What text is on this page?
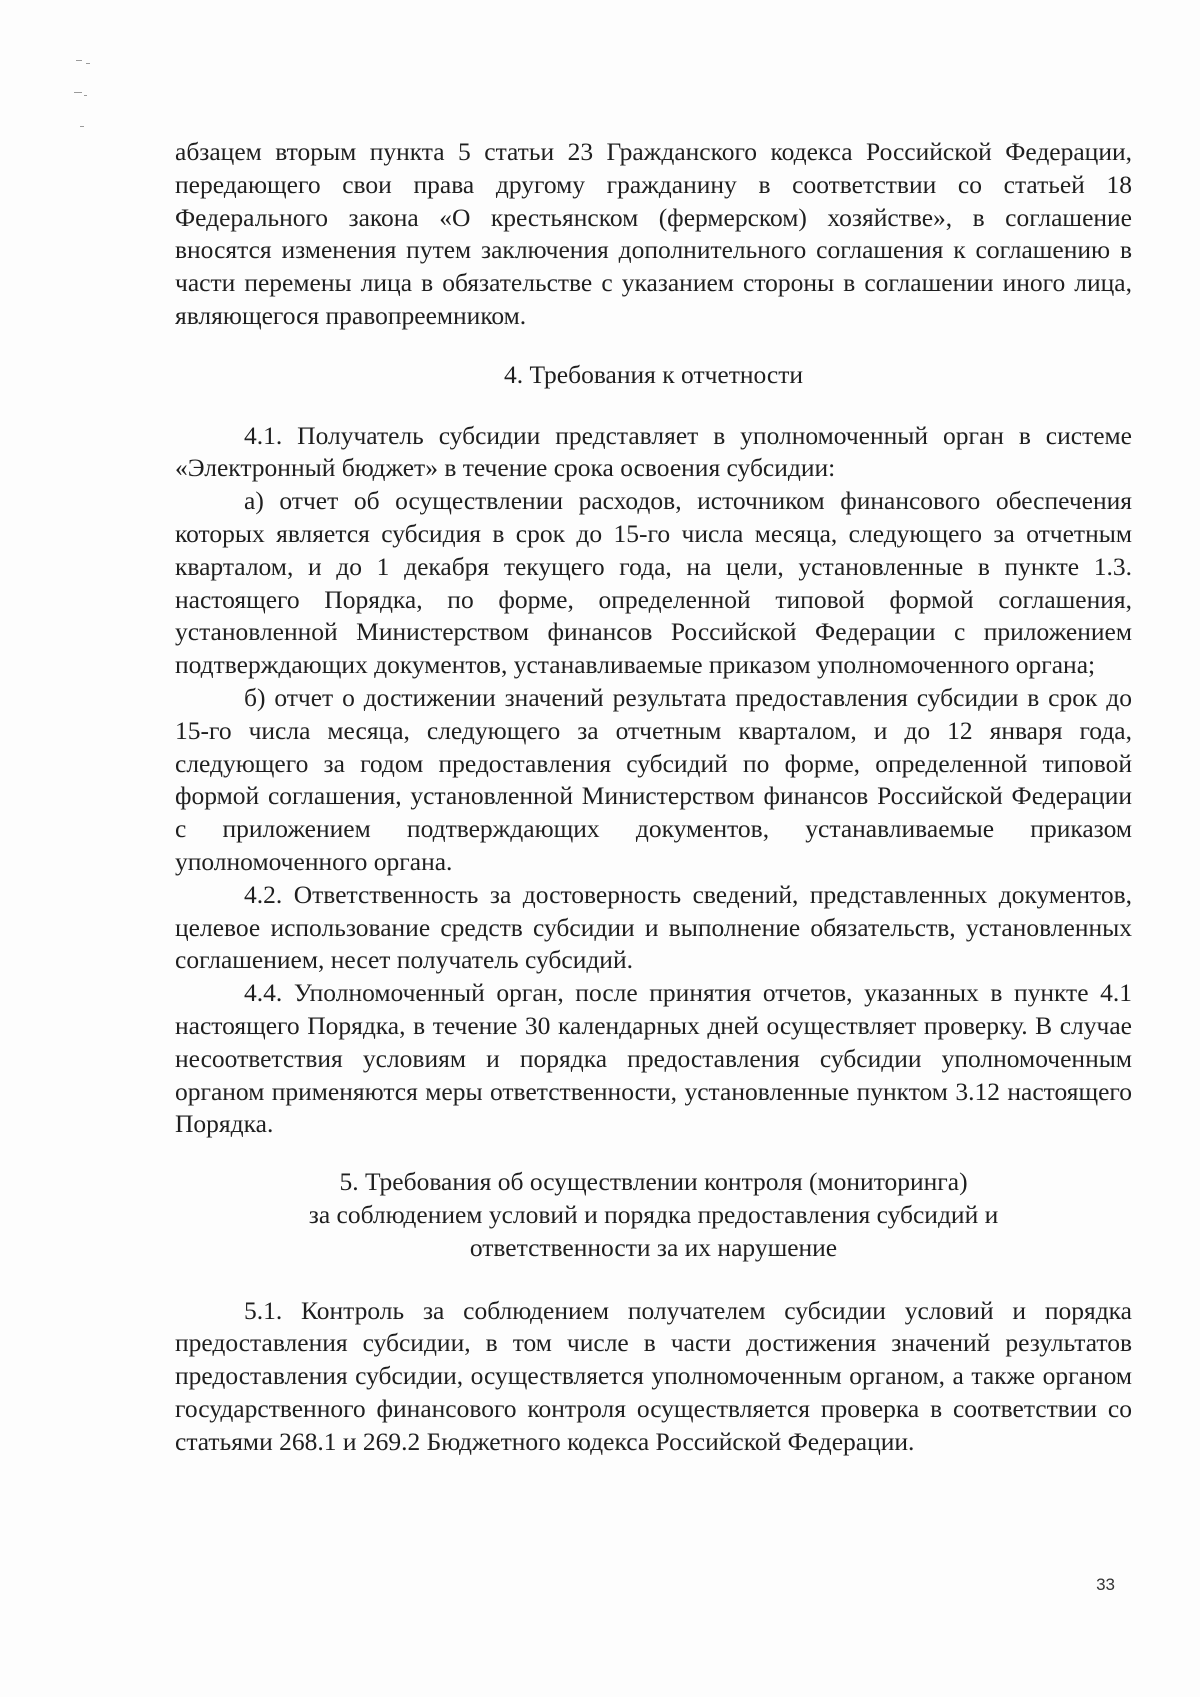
абзацем вторым пункта 5 статьи 23 Гражданского кодекса Российской Федерации, передающего свои права другому гражданину в соответствии со статьей 18 Федерального закона «О крестьянском (фермерском) хозяйстве», в соглашение вносятся изменения путем заключения дополнительного соглашения к соглашению в части перемены лица в обязательстве с указанием стороны в соглашении иного лица, являющегося правопреемником.

4. Требования к отчетности

4.1. Получатель субсидии представляет в уполномоченный орган в системе «Электронный бюджет» в течение срока освоения субсидии:

а) отчет об осуществлении расходов, источником финансового обеспечения которых является субсидия в срок до 15-го числа месяца, следующего за отчетным кварталом, и до 1 декабря текущего года, на цели, установленные в пункте 1.3. настоящего Порядка, по форме, определенной типовой формой соглашения, установленной Министерством финансов Российской Федерации с приложением подтверждающих документов, устанавливаемые приказом уполномоченного органа;

б) отчет о достижении значений результата предоставления субсидии в срок до 15-го числа месяца, следующего за отчетным кварталом, и до 12 января года, следующего за годом предоставления субсидий по форме, определенной типовой формой соглашения, установленной Министерством финансов Российской Федерации с приложением подтверждающих документов, устанавливаемые приказом уполномоченного органа.

4.2. Ответственность за достоверность сведений, представленных документов, целевое использование средств субсидии и выполнение обязательств, установленных соглашением, несет получатель субсидий.

4.4. Уполномоченный орган, после принятия отчетов, указанных в пункте 4.1 настоящего Порядка, в течение 30 календарных дней осуществляет проверку. В случае несоответствия условиям и порядка предоставления субсидии уполномоченным органом применяются меры ответственности, установленные пунктом 3.12 настоящего Порядка.

5. Требования об осуществлении контроля (мониторинга)
за соблюдением условий и порядка предоставления субсидий и
ответственности за их нарушение

5.1. Контроль за соблюдением получателем субсидии условий и порядка предоставления субсидии, в том числе в части достижения значений результатов предоставления субсидии, осуществляется уполномоченным органом, а также органом государственного финансового контроля осуществляется проверка в соответствии со статьями 268.1 и 269.2 Бюджетного кодекса Российской Федерации.

33
